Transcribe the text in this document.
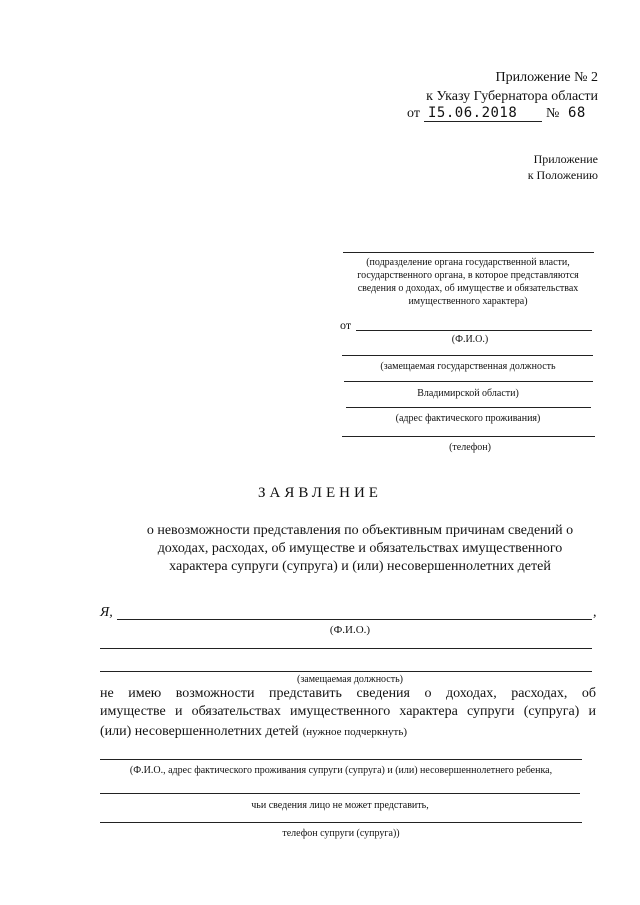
Приложение № 2
к Указу Губернатора области
от I5.06.2018 № 68
Приложение
к Положению
(подразделение органа государственной власти,
государственного органа, в которое представляются
сведения о доходах, об имуществе и обязательствах
имущественного характера)
от
(Ф.И.О.)
(замещаемая государственная должность
Владимирской области)
(адрес фактического проживания)
(телефон)
ЗАЯВЛЕНИЕ
о невозможности представления по объективным причинам сведений о
доходах, расходах, об имуществе и обязательствах имущественного
характера супруги (супруга) и (или) несовершеннолетних детей
Я,	,
(Ф.И.О.)
(замещаемая должность)
не имею возможности представить сведения о доходах, расходах, об
имуществе и обязательствах имущественного характера супруги (супруга) и
(или) несовершеннолетних детей (нужное подчеркнуть)
(Ф.И.О., адрес фактического проживания супруги (супруга) и (или) несовершеннолетнего ребенка,
чьи сведения лицо не может представить,
телефон супруги (супруга))
